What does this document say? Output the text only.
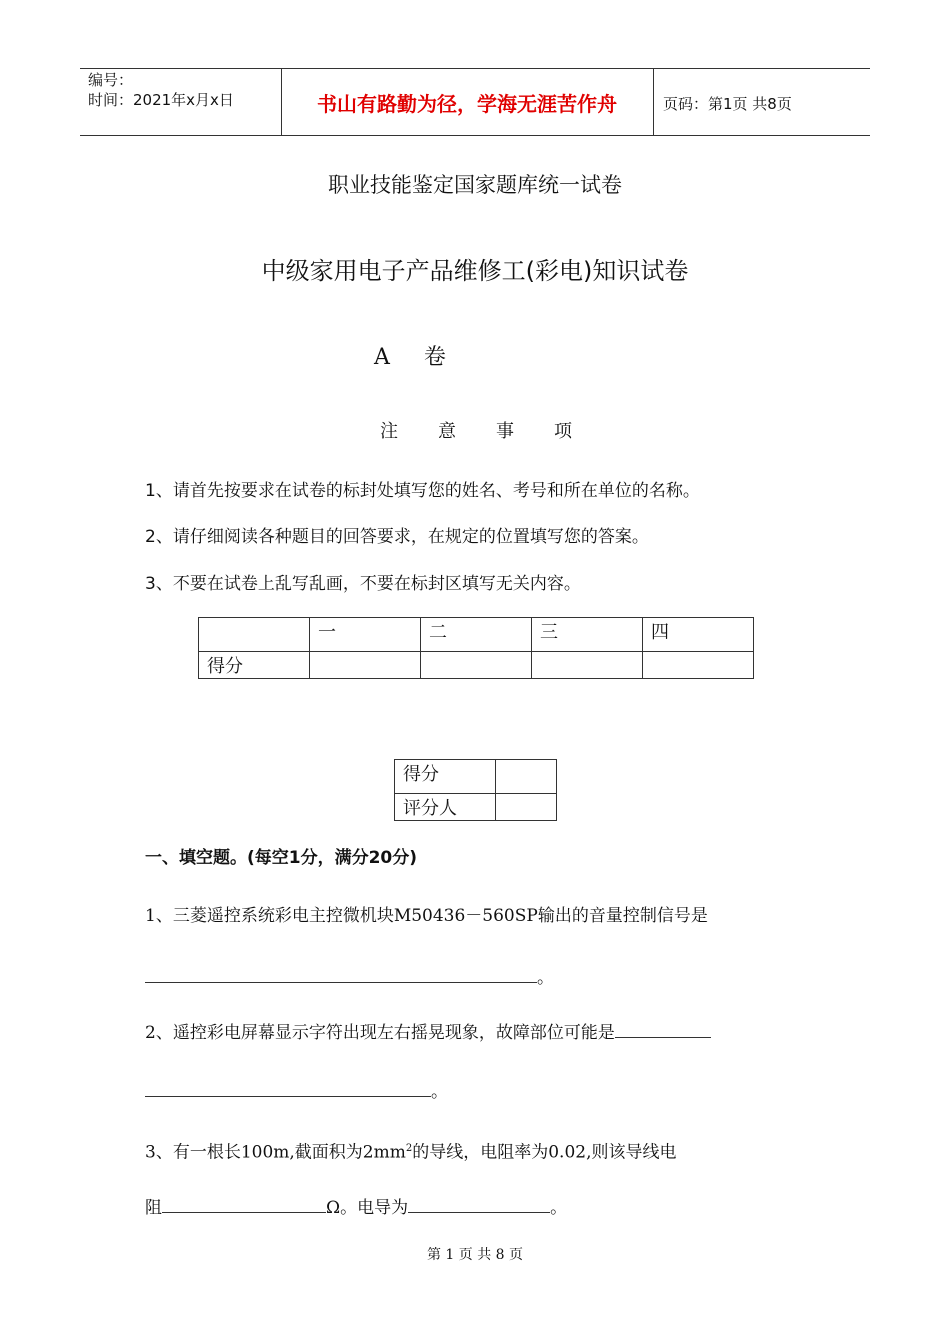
编号：
时间：2021年x月x日	书山有路勤为径，学海无涯苦作舟	页码：第1页 共8页
职业技能鉴定国家题库统一试卷
中级家用电子产品维修工(彩电)知识试卷
A 卷
注 意 事 项
1、请首先按要求在试卷的标封处填写您的姓名、考号和所在单位的名称。
2、请仔细阅读各种题目的回答要求，在规定的位置填写您的答案。
3、不要在试卷上乱写乱画，不要在标封区填写无关内容。
	一	二	三	四
得分				
得分	
评分人	
一、填空题。(每空1分，满分20分)
1、三菱遥控系统彩电主控微机块M50436－560SP输出的音量控制信号是
。
2、遥控彩电屏幕显示字符出现左右摇晃现象，故障部位可能是
。
3、有一根长100m,截面积为$2mm^2$的导线，电阻率为0.02,则该导线电
阻	Ω。电导为	。
第 1 页 共 8 页
